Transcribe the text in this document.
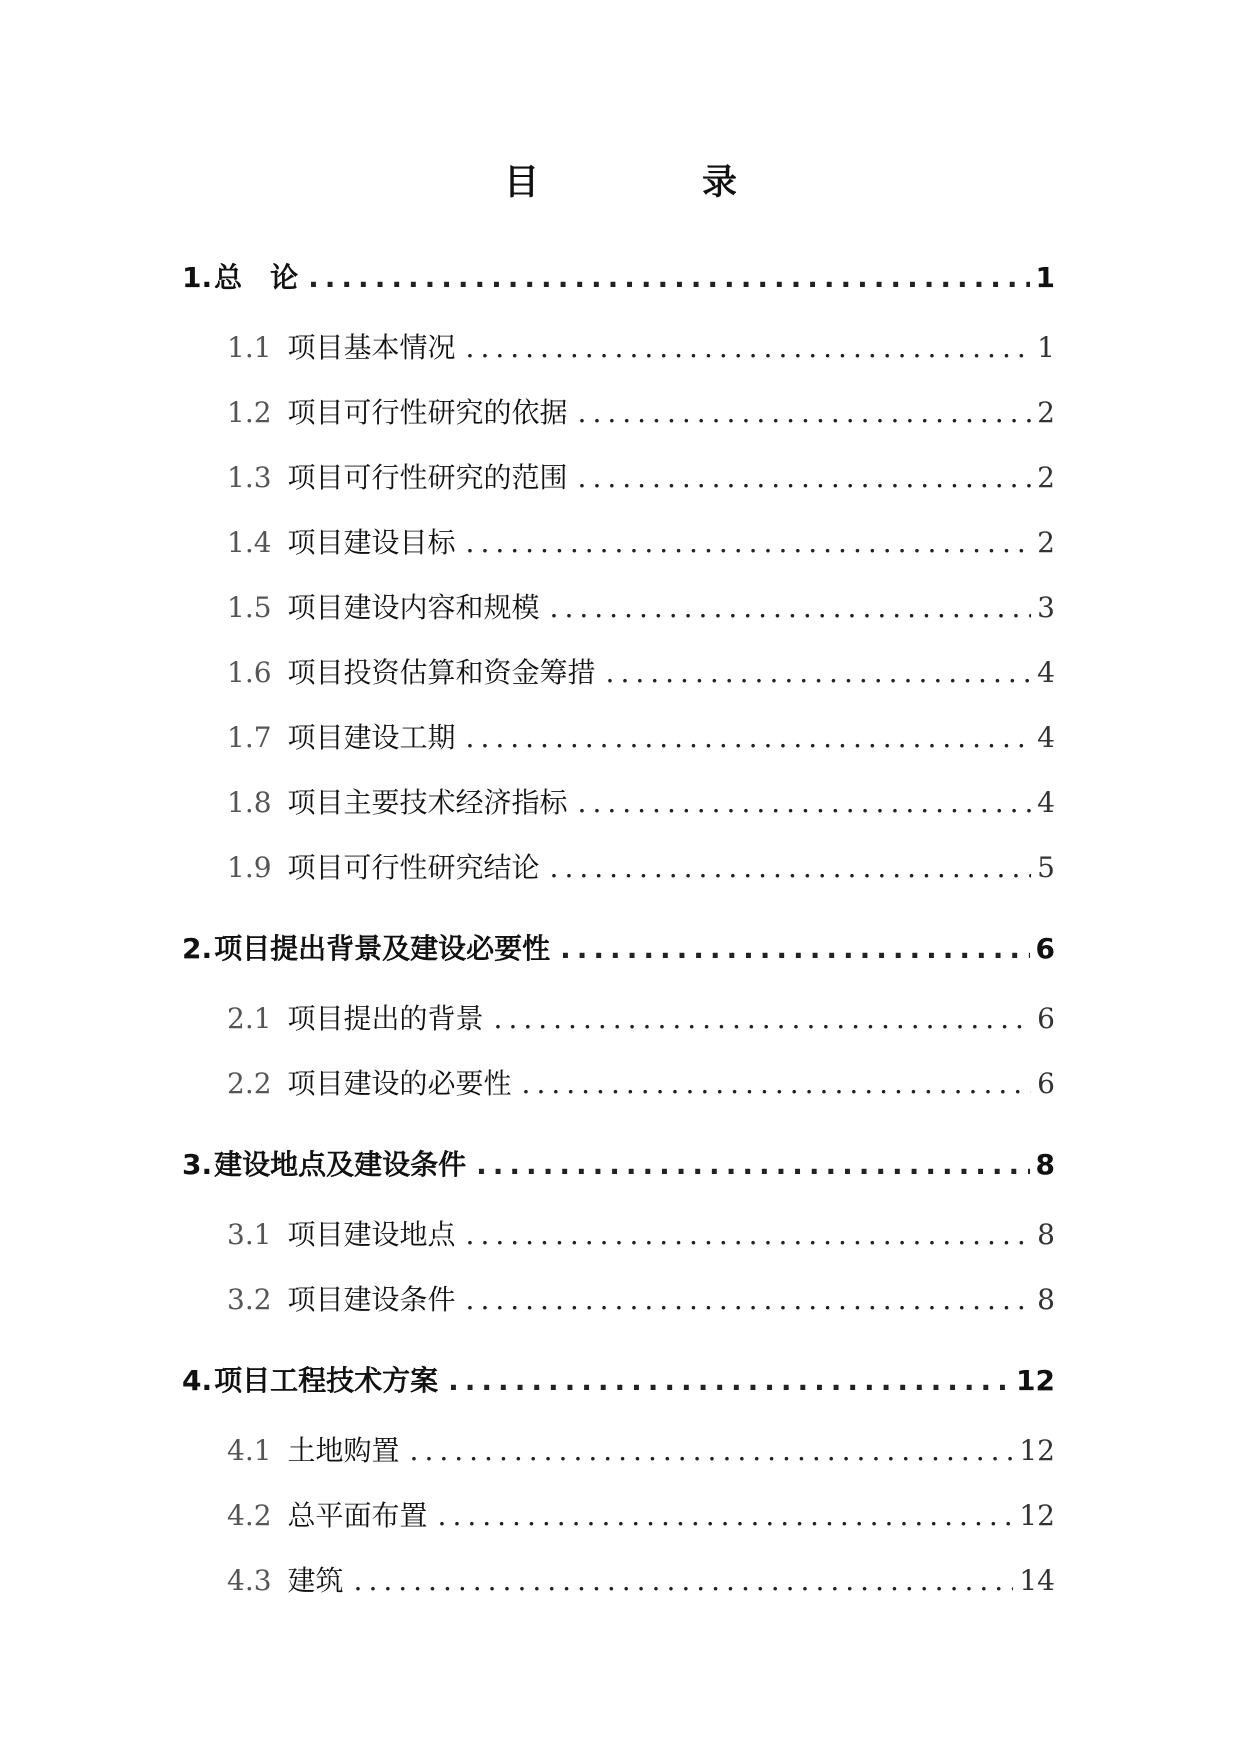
目　录
1. 总　论 .....	1
1.1 项目基本情况 .....	1
1.2 项目可行性研究的依据 .....	2
1.3 项目可行性研究的范围 .....	2
1.4 项目建设目标 .....	2
1.5 项目建设内容和规模 .....	3
1.6 项目投资估算和资金筹措 .....	4
1.7 项目建设工期 .....	4
1.8 项目主要技术经济指标 .....	4
1.9 项目可行性研究结论 .....	5
2. 项目提出背景及建设必要性 .....	6
2.1 项目提出的背景 .....	6
2.2 项目建设的必要性 .....	6
3. 建设地点及建设条件 .....	8
3.1 项目建设地点 .....	8
3.2 项目建设条件 .....	8
4. 项目工程技术方案 .....	12
4.1 土地购置 .....	12
4.2 总平面布置 .....	12
4.3 建筑 .....	14
